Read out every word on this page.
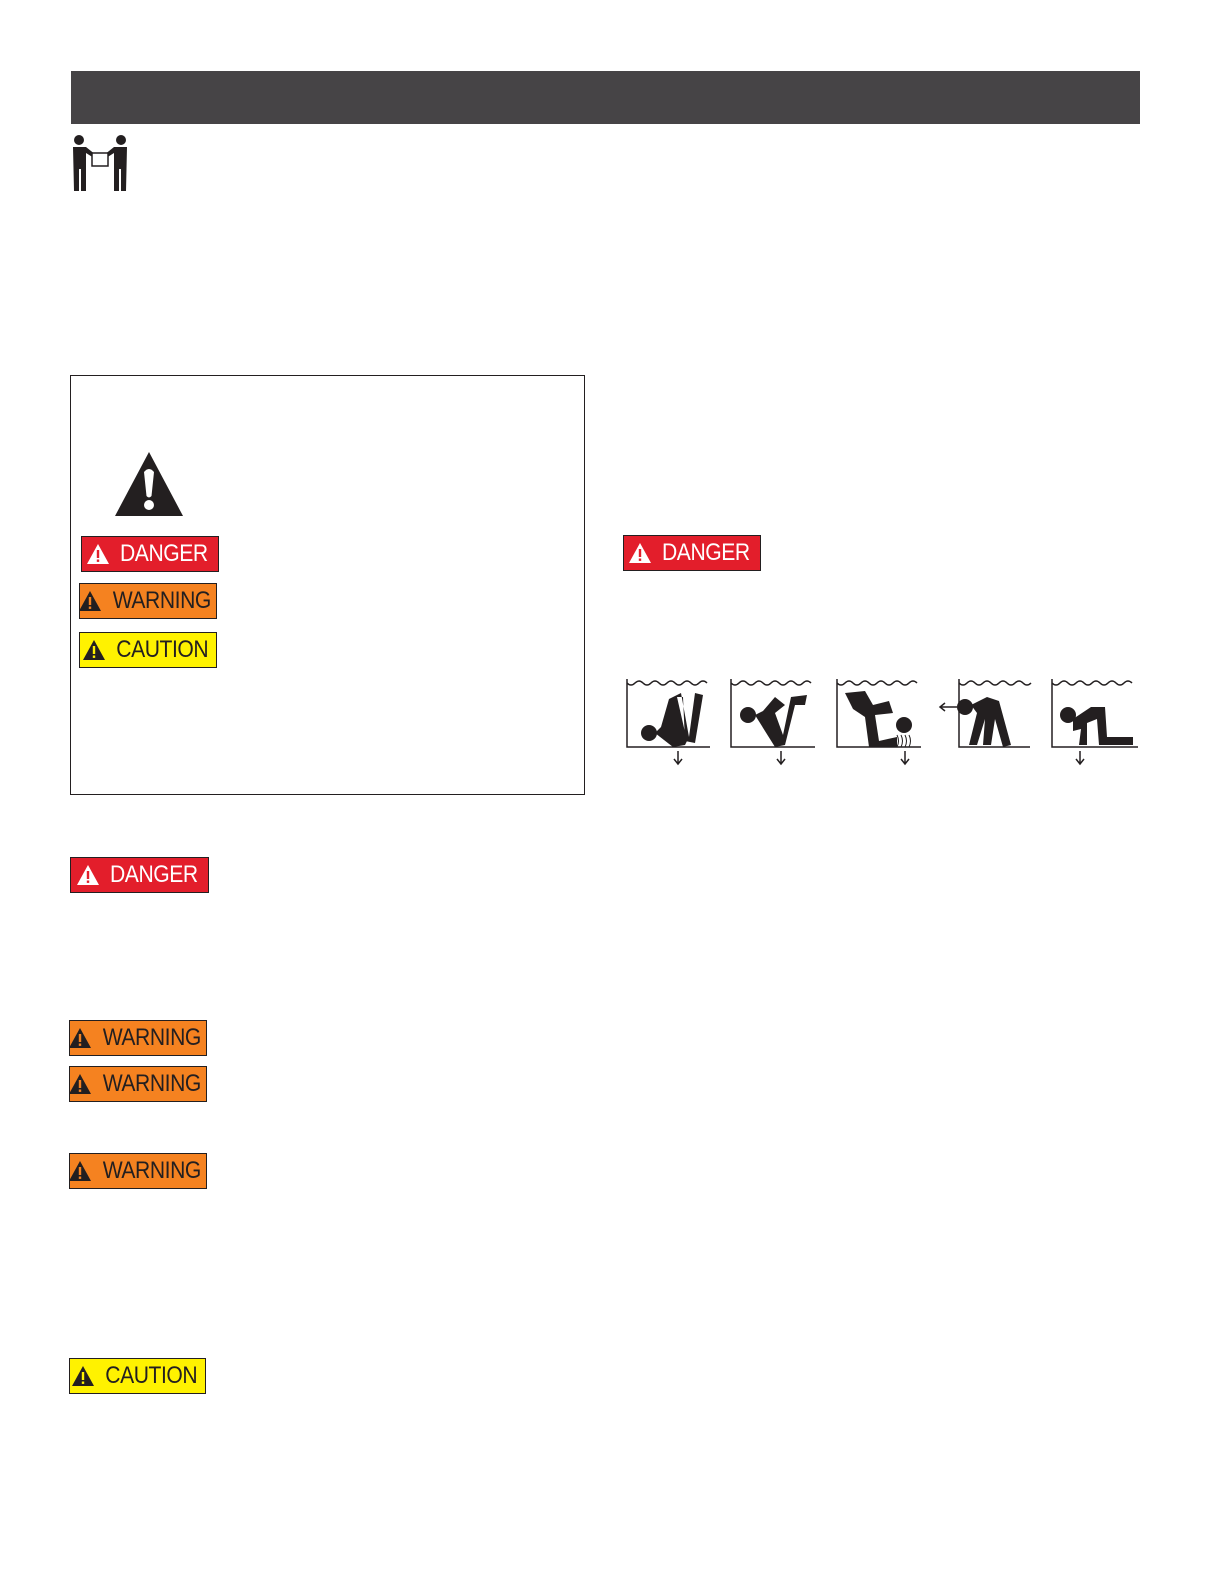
DANGER
WARNING
CAUTION
DANGER
DANGER
WARNING
WARNING
WARNING
CAUTION
